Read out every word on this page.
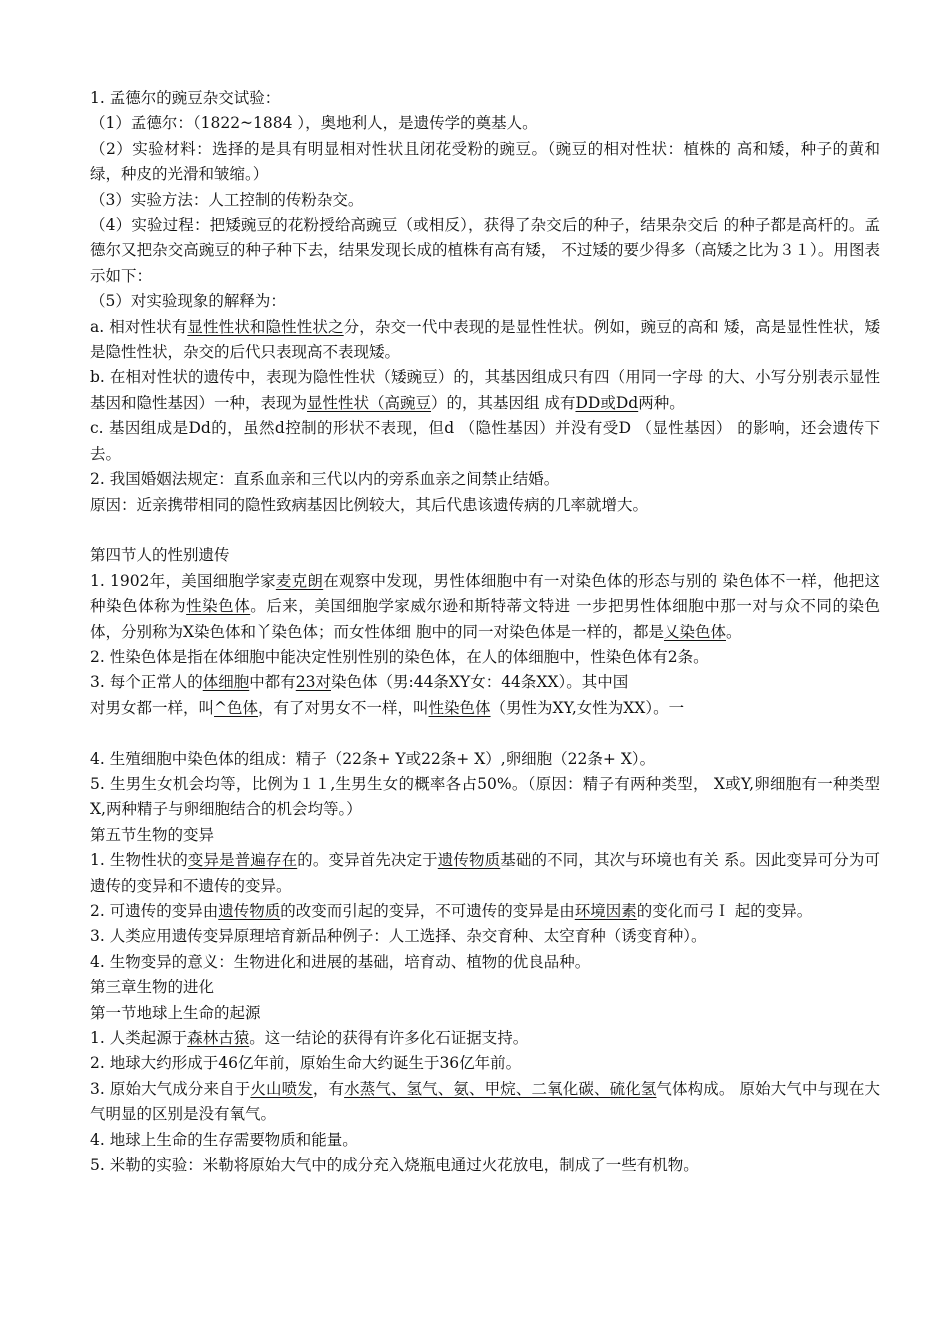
1. 孟德尔的豌豆杂交试验：
（1）孟德尔：（1822~1884 ），奥地利人，是遗传学的奠基人。
（2）实验材料：选择的是具有明显相对性状且闭花受粉的豌豆。（豌豆的相对性状：植株的 高和矮，种子的黄和绿，种皮的光滑和皱缩。）
（3）实验方法：人工控制的传粉杂交。
（4）实验过程：把矮豌豆的花粉授给高豌豆（或相反），获得了杂交后的种子，结果杂交后 的种子都是高杆的。孟德尔又把杂交高豌豆的种子种下去，结果发现长成的植株有高有矮， 不过矮的要少得多（高矮之比为３１）。用图表示如下：
（5）对实验现象的解释为：
a. 相对性状有显性性状和隐性性状之分，杂交一代中表现的是显性性状。例如，豌豆的高和 矮，高是显性性状，矮是隐性性状，杂交的后代只表现高不表现矮。
b. 在相对性状的遗传中，表现为隐性性状（矮豌豆）的，其基因组成只有四（用同一字母 的大、小写分别表示显性基因和隐性基因）一种，表现为显性性状（高豌豆）的，其基因组 成有DD或Dd两种。
c. 基因组成是Dd的，虽然d控制的形状不表现，但d （隐性基因）并没有受D （显性基因） 的影响，还会遗传下去。
2. 我国婚姻法规定：直系血亲和三代以内的旁系血亲之间禁止结婚。
原因：近亲携带相同的隐性致病基因比例较大，其后代患该遗传病的几率就增大。
第四节人的性别遗传
1. 1902年，美国细胞学家麦克朗在观察中发现，男性体细胞中有一对染色体的形态与别的 染色体不一样，他把这种染色体称为性染色体。后来，美国细胞学家威尔逊和斯特蒂文特进 一步把男性体细胞中那一对与众不同的染色体，分别称为X染色体和丫染色体；而女性体细 胞中的同一对染色体是一样的，都是乂染色体。
2. 性染色体是指在体细胞中能决定性别性别的染色体，在人的体细胞中，性染色体有2条。
3. 每个正常人的体细胞中都有23对染色体（男:44条XY女：44条XX）。其中国
对男女都一样，叫^色体，有了对男女不一样，叫性染色体（男性为XY,女性为XX）。一
4. 生殖细胞中染色体的组成：精子（22条+ Y或22条+ X）,卵细胞（22条+ X）。
5. 生男生女机会均等，比例为１１,生男生女的概率各占50%。（原因：精子有两种类型， X或Y,卵细胞有一种类型X,两种精子与卵细胞结合的机会均等。）
第五节生物的变异
1. 生物性状的变异是普遍存在的。变异首先决定于遗传物质基础的不同，其次与环境也有关 系。因此变异可分为可遗传的变异和不遗传的变异。
2. 可遗传的变异由遗传物质的改变而引起的变异，不可遗传的变异是由环境因素的变化而弓Ｉ 起的变异。
3. 人类应用遗传变异原理培育新品种例子：人工选择、杂交育种、太空育种（诱变育种）。
4. 生物变异的意义：生物进化和进展的基础，培育动、植物的优良品种。
第三章生物的进化
第一节地球上生命的起源
1. 人类起源于森林古猿。这一结论的获得有许多化石证据支持。
2. 地球大约形成于46亿年前，原始生命大约诞生于36亿年前。
3. 原始大气成分来自于火山喷发，有水蒸气、氢气、氨、甲烷、二氧化碳、硫化氢气体构成。 原始大气中与现在大气明显的区别是没有氧气。
4. 地球上生命的生存需要物质和能量。
5. 米勒的实验：米勒将原始大气中的成分充入烧瓶电通过火花放电，制成了一些有机物。
